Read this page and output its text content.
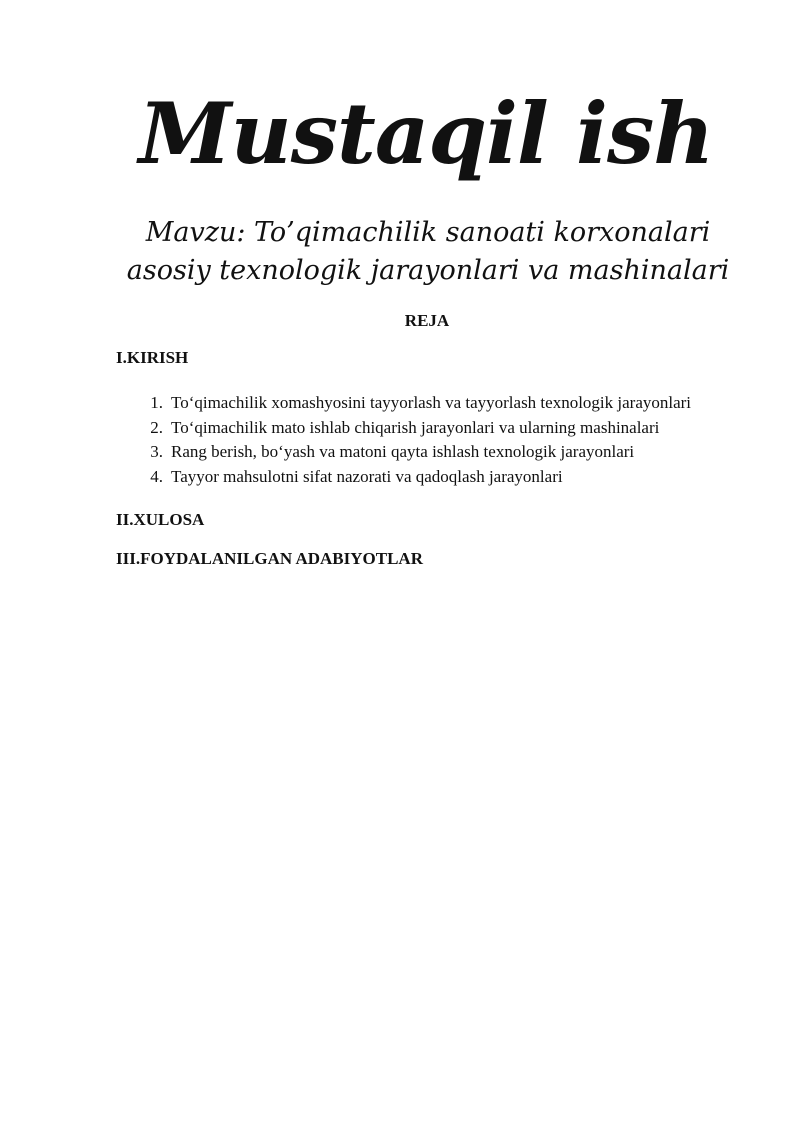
Mustaqil ish

Mavzu: To’qimachilik sanoati korxonalari asosiy texnologik jarayonlari va mashinalari

REJA

I.KIRISH

1. To‘qimachilik xomashyosini tayyorlash va tayyorlash texnologik jarayonlari
2. To‘qimachilik mato ishlab chiqarish jarayonlari va ularning mashinalari
3. Rang berish, bo‘yash va matoni qayta ishlash texnologik jarayonlari
4. Tayyor mahsulotni sifat nazorati va qadoqlash jarayonlari

II.XULOSA

III.FOYDALANILGAN ADABIYOTLAR
